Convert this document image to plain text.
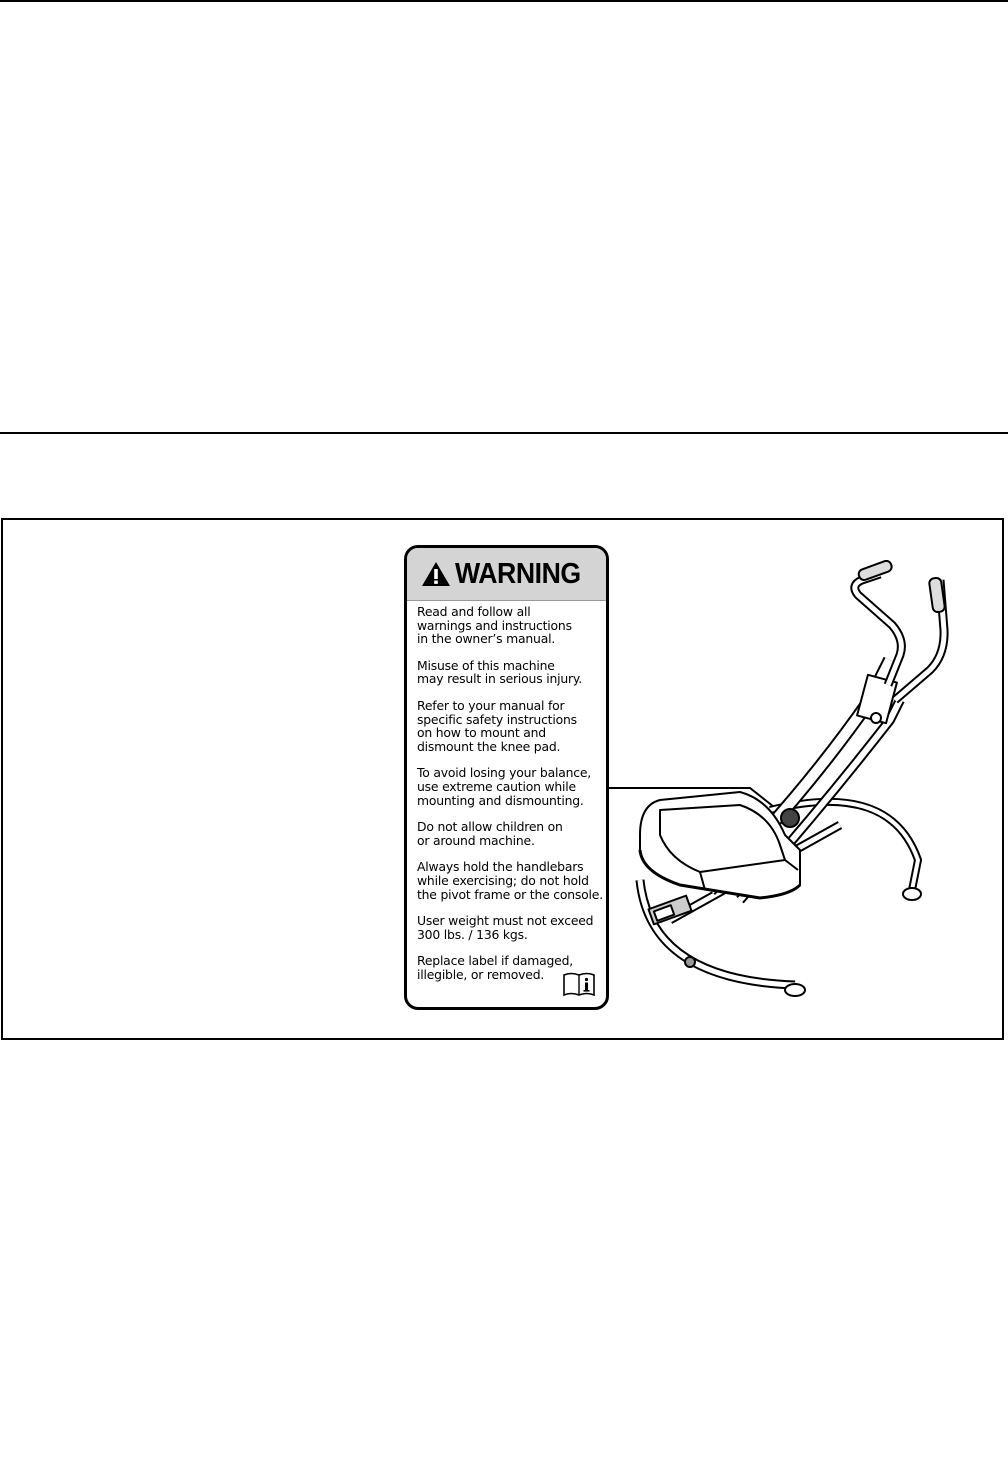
WARNING

Read and follow all
warnings and instructions
in the owner’s manual.

Misuse of this machine
may result in serious injury.

Refer to your manual for
specific safety instructions
on how to mount and
dismount the knee pad.

To avoid losing your balance,
use extreme caution while
mounting and dismounting.

Do not allow children on
or around machine.

Always hold the handlebars
while exercising; do not hold
the pivot frame or the console.

User weight must not exceed
300 lbs. / 136 kgs.

Replace label if damaged,
illegible, or removed.
